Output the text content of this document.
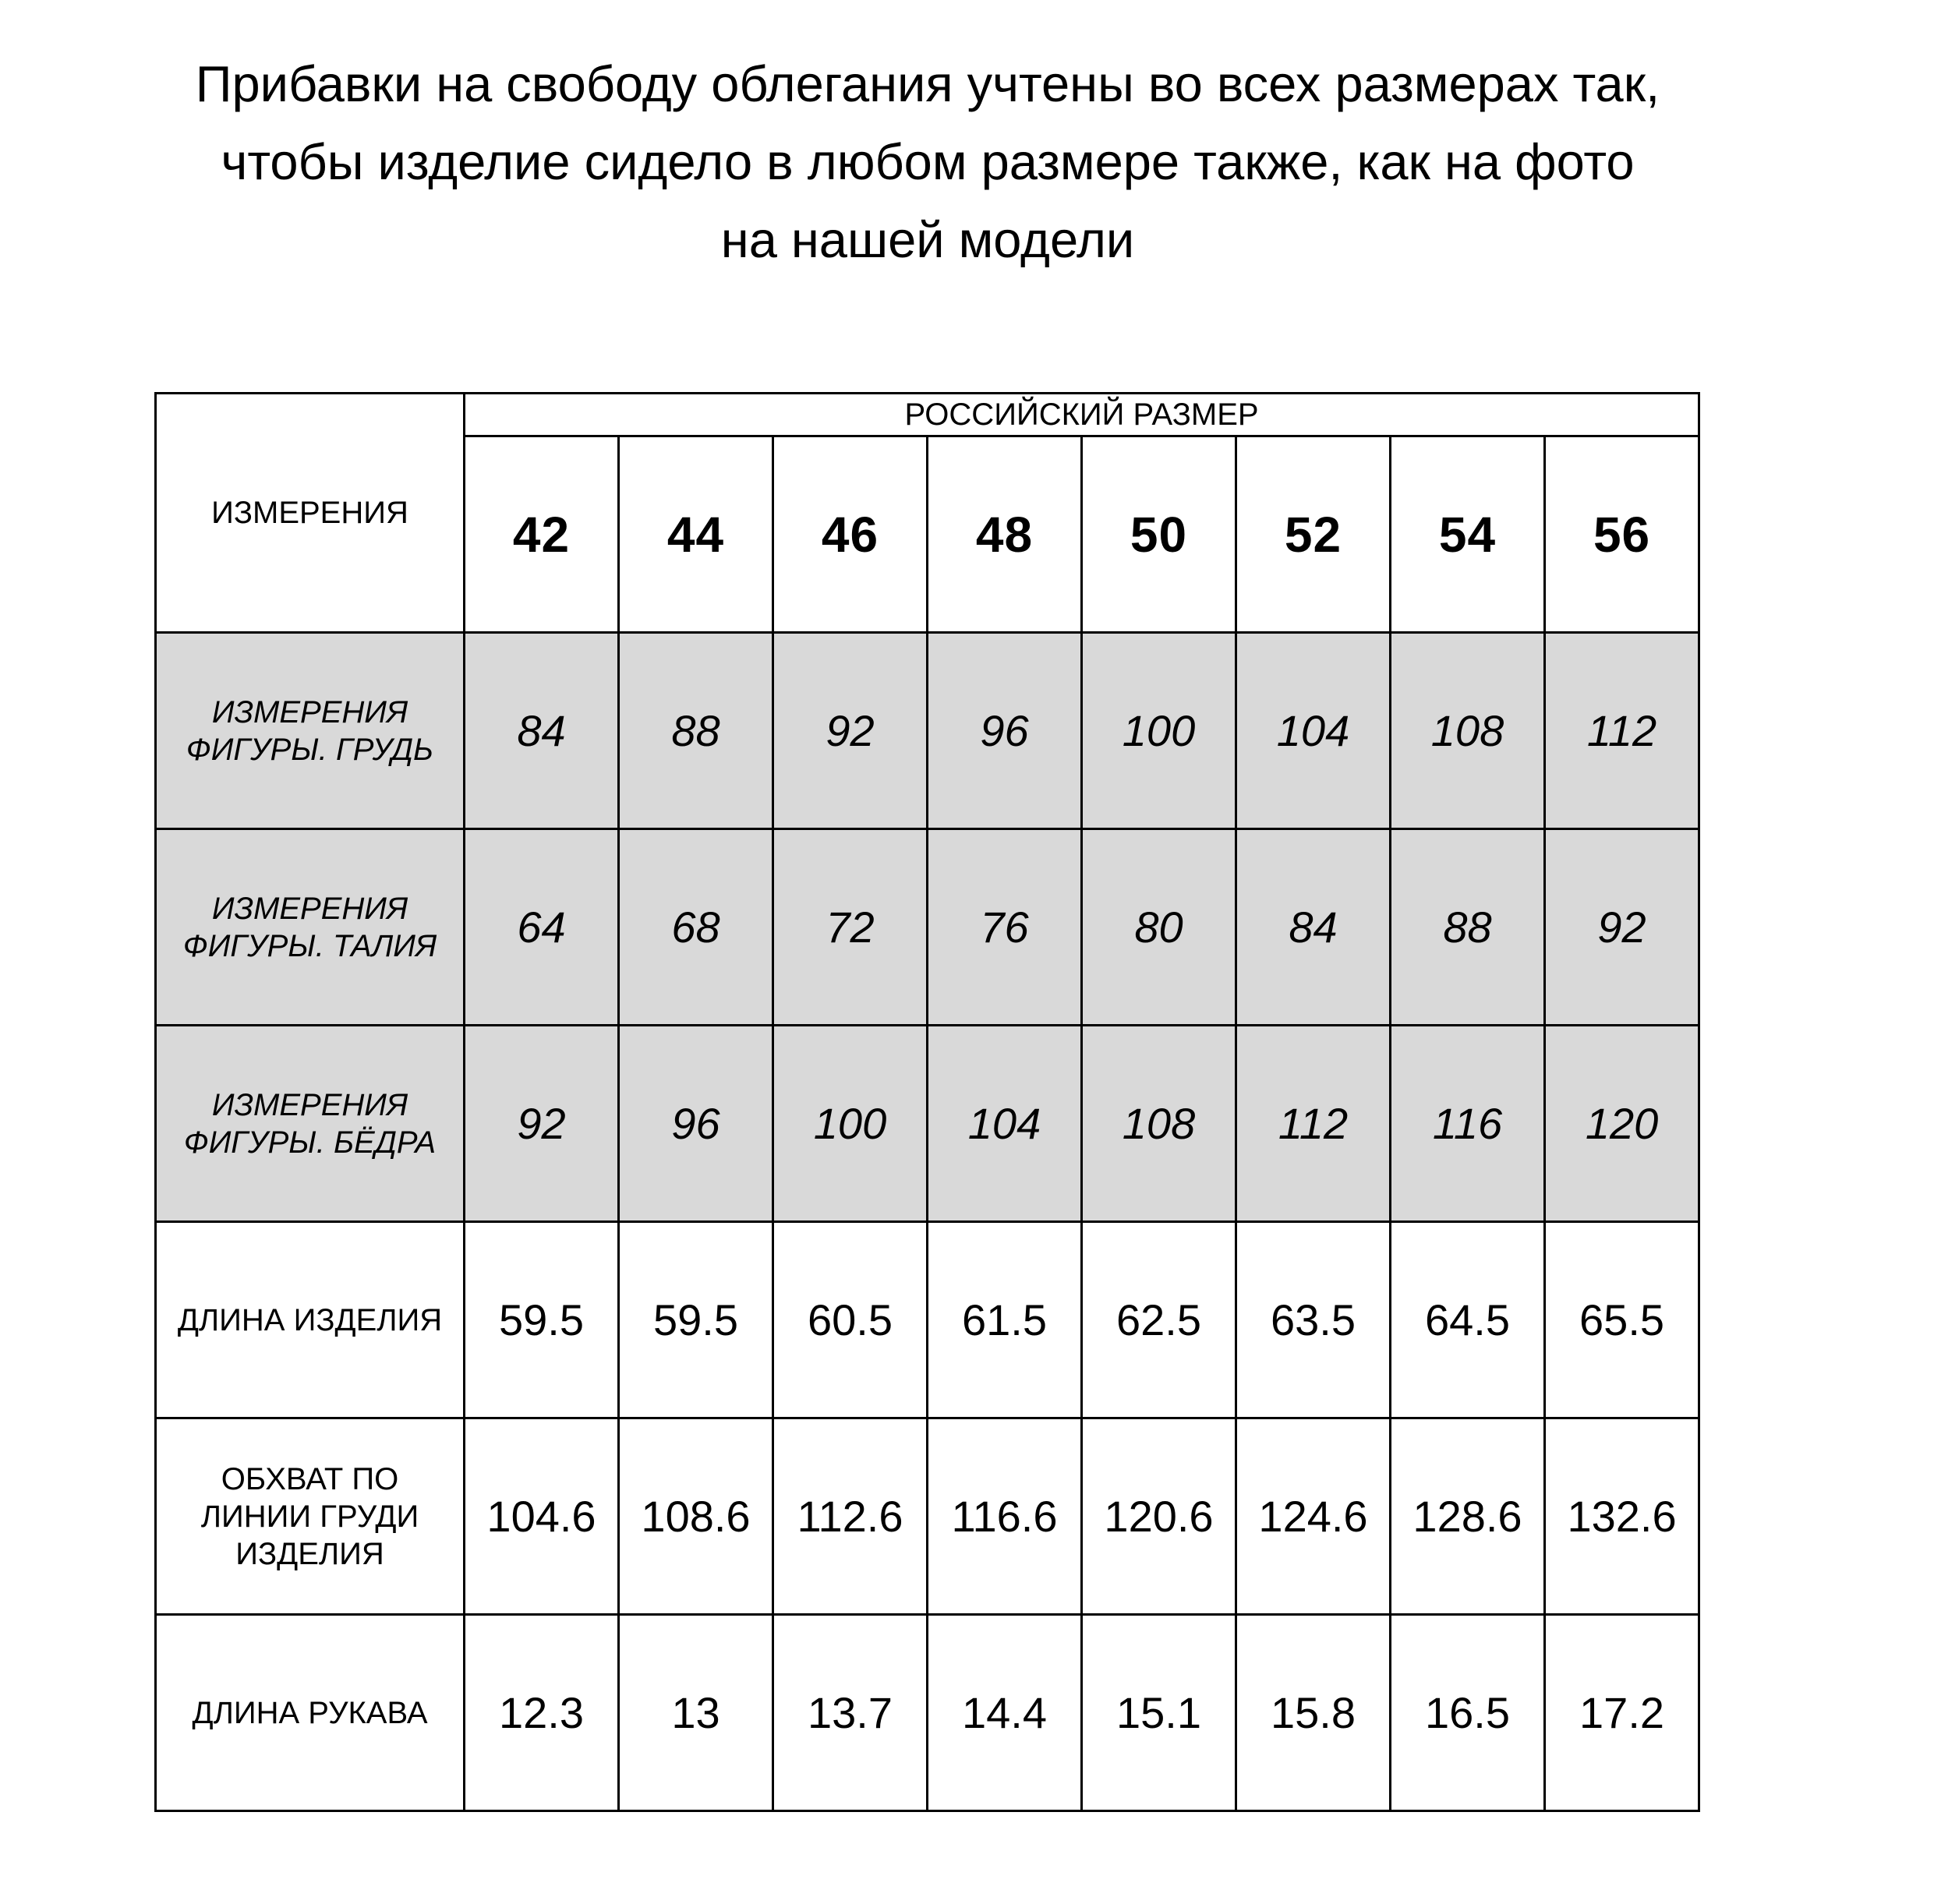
Прибавки на свободу облегания учтены во всех размерах так,
чтобы изделие сидело в любом размере также, как на фото
на нашей модели
ИЗМЕРЕНИЯ	РОССИЙСКИЙ РАЗМЕР							
	42	44	46	48	50	52	54	56

ИЗМЕРЕНИЯ
ФИГУРЫ. ГРУДЬ	84	88	92	96	100	104	108	112

ИЗМЕРЕНИЯ
ФИГУРЫ. ТАЛИЯ	64	68	72	76	80	84	88	92

ИЗМЕРЕНИЯ
ФИГУРЫ. БЁДРА	92	96	100	104	108	112	116	120

ДЛИНА ИЗДЕЛИЯ	59.5	59.5	60.5	61.5	62.5	63.5	64.5	65.5

ОБХВАТ ПО
ЛИНИИ ГРУДИ
ИЗДЕЛИЯ	104.6	108.6	112.6	116.6	120.6	124.6	128.6	132.6

ДЛИНА РУКАВА	12.3	13	13.7	14.4	15.1	15.8	16.5	17.2
